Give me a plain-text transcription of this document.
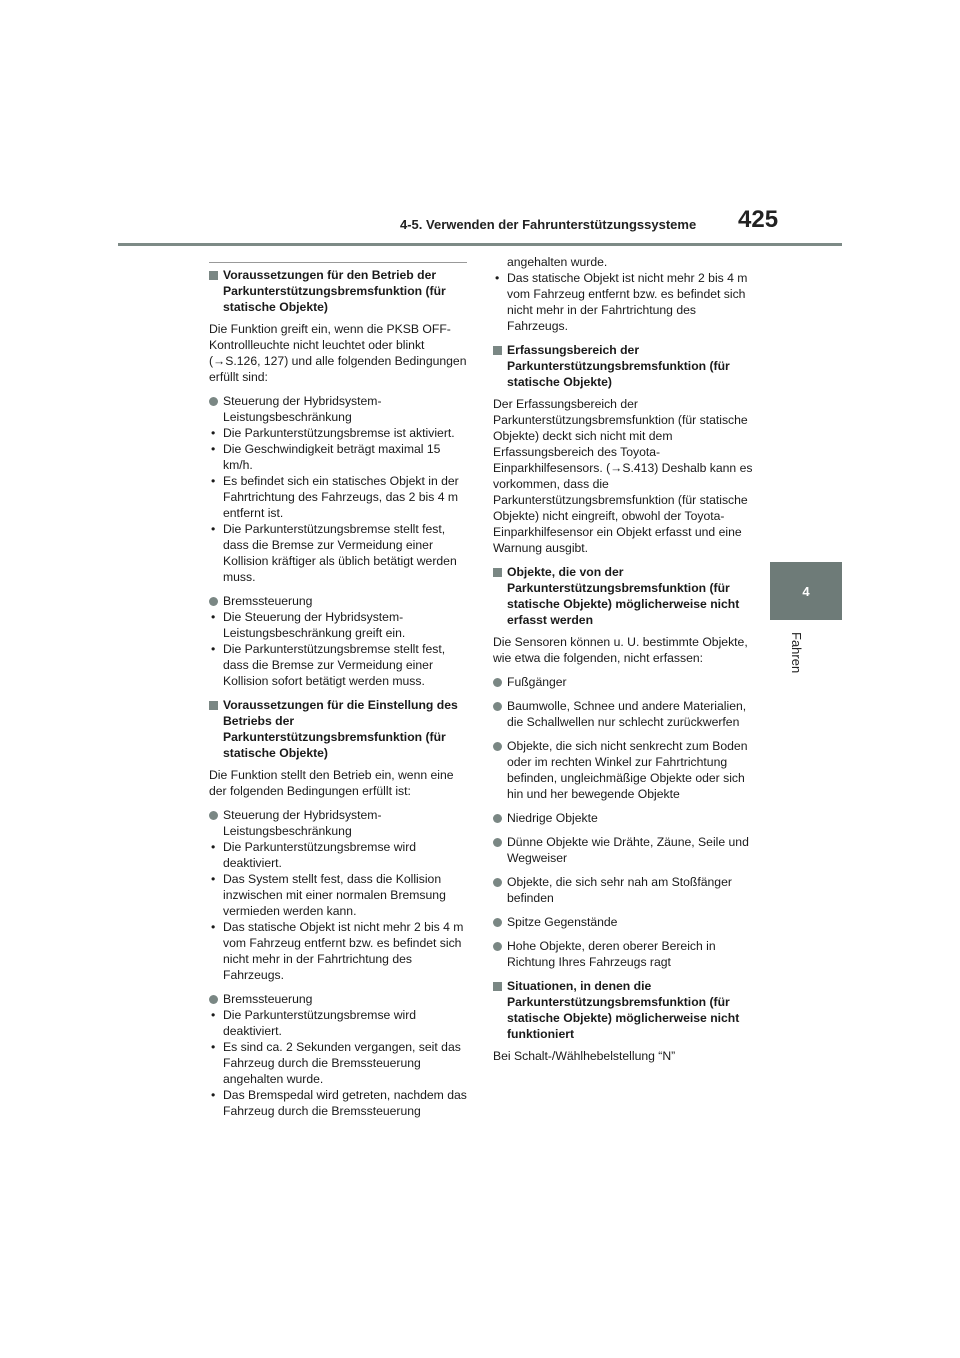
4-5. Verwenden der Fahrunterstützungssysteme 425
4
Fahren

Voraussetzungen für den Betrieb der Parkunterstützungsbremsfunktion (für statische Objekte)

Die Funktion greift ein, wenn die PKSB OFF-Kontrollleuchte nicht leuchtet oder blinkt (→S.126, 127) und alle folgenden Bedingungen erfüllt sind:

Steuerung der Hybridsystem-Leistungsbeschränkung

• Die Parkunterstützungsbremse ist aktiviert.

• Die Geschwindigkeit beträgt maximal 15 km/h.

• Es befindet sich ein statisches Objekt in der Fahrtrichtung des Fahrzeugs, das 2 bis 4 m entfernt ist.

• Die Parkunterstützungsbremse stellt fest, dass die Bremse zur Vermeidung einer Kollision kräftiger als üblich betätigt werden muss.

Bremssteuerung

• Die Steuerung der Hybridsystem-Leistungsbeschränkung greift ein.

• Die Parkunterstützungsbremse stellt fest, dass die Bremse zur Vermeidung einer Kollision sofort betätigt werden muss.

Voraussetzungen für die Einstellung des Betriebs der Parkunterstützungsbremsfunktion (für statische Objekte)

Die Funktion stellt den Betrieb ein, wenn eine der folgenden Bedingungen erfüllt ist:

Steuerung der Hybridsystem-Leistungsbeschränkung

• Die Parkunterstützungsbremse wird deaktiviert.

• Das System stellt fest, dass die Kollision inzwischen mit einer normalen Bremsung vermieden werden kann.

• Das statische Objekt ist nicht mehr 2 bis 4 m vom Fahrzeug entfernt bzw. es befindet sich nicht mehr in der Fahrtrichtung des Fahrzeugs.

Bremssteuerung

• Die Parkunterstützungsbremse wird deaktiviert.

• Es sind ca. 2 Sekunden vergangen, seit das Fahrzeug durch die Bremssteuerung angehalten wurde.

• Das Bremspedal wird getreten, nachdem das Fahrzeug durch die Bremssteuerung

angehalten wurde.

• Das statische Objekt ist nicht mehr 2 bis 4 m vom Fahrzeug entfernt bzw. es befindet sich nicht mehr in der Fahrtrichtung des Fahrzeugs.

Erfassungsbereich der Parkunterstützungsbremsfunktion (für statische Objekte)

Der Erfassungsbereich der Parkunterstützungsbremsfunktion (für statische Objekte) deckt sich nicht mit dem Erfassungsbereich des Toyota-Einparkhilfesensors. (→S.413) Deshalb kann es vorkommen, dass die Parkunterstützungsbremsfunktion (für statische Objekte) nicht eingreift, obwohl der Toyota-Einparkhilfesensor ein Objekt erfasst und eine Warnung ausgibt.

Objekte, die von der Parkunterstützungsbremsfunktion (für statische Objekte) möglicherweise nicht erfasst werden

Die Sensoren können u. U. bestimmte Objekte, wie etwa die folgenden, nicht erfassen:

Fußgänger

Baumwolle, Schnee und andere Materialien, die Schallwellen nur schlecht zurückwerfen

Objekte, die sich nicht senkrecht zum Boden oder im rechten Winkel zur Fahrtrichtung befinden, ungleichmäßige Objekte oder sich hin und her bewegende Objekte

Niedrige Objekte

Dünne Objekte wie Drähte, Zäune, Seile und Wegweiser

Objekte, die sich sehr nah am Stoßfänger befinden

Spitze Gegenstände

Hohe Objekte, deren oberer Bereich in Richtung Ihres Fahrzeugs ragt

Situationen, in denen die Parkunterstützungsbremsfunktion (für statische Objekte) möglicherweise nicht funktioniert

Bei Schalt-/Wählhebelstellung “N”
